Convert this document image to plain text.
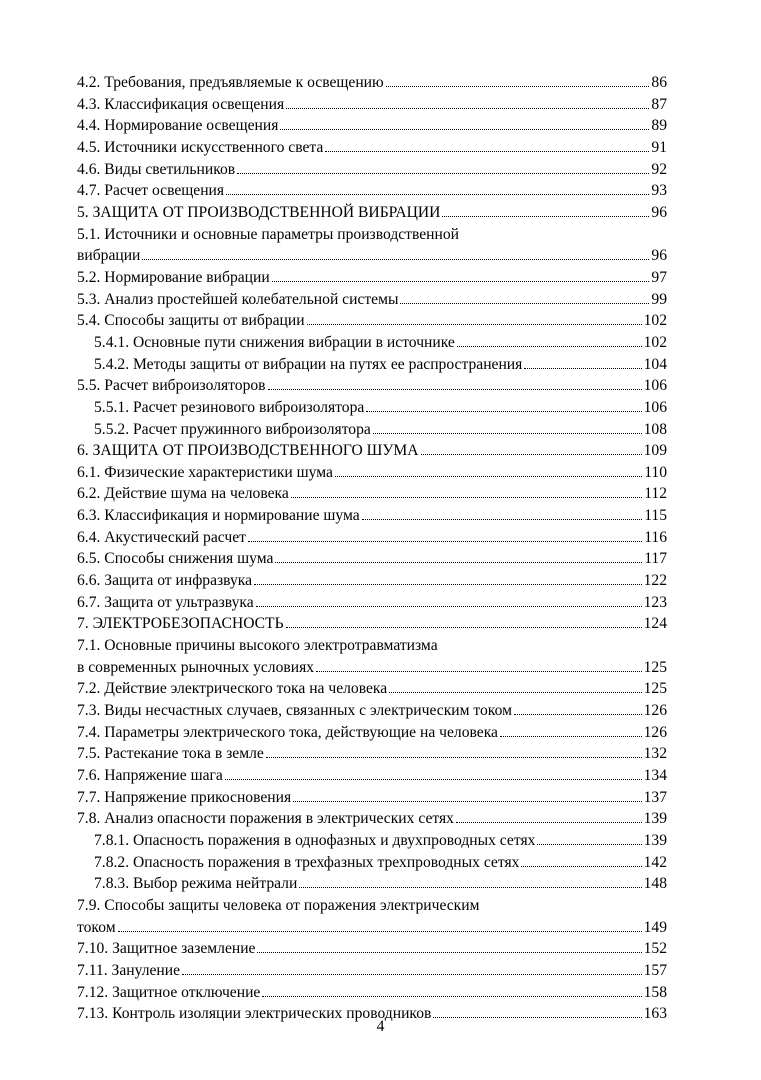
4.2. Требования, предъявляемые к освещению	86
4.3. Классификация освещения	87
4.4. Нормирование освещения	89
4.5. Источники искусственного света	91
4.6. Виды светильников	92
4.7. Расчет освещения	93
5. ЗАЩИТА ОТ ПРОИЗВОДСТВЕННОЙ ВИБРАЦИИ	96
5.1. Источники и основные параметры производственной
вибрации	96
5.2. Нормирование вибрации	97
5.3. Анализ простейшей колебательной системы	99
5.4. Способы защиты от вибрации	102
5.4.1. Основные пути снижения вибрации в источнике	102
5.4.2. Методы защиты от вибрации на путях ее распространения	104
5.5. Расчет виброизоляторов	106
5.5.1. Расчет резинового виброизолятора	106
5.5.2. Расчет пружинного виброизолятора	108
6. ЗАЩИТА ОТ ПРОИЗВОДСТВЕННОГО ШУМА	109
6.1. Физические характеристики шума	110
6.2. Действие шума на человека	112
6.3. Классификация и нормирование шума	115
6.4. Акустический расчет	116
6.5. Способы снижения шума	117
6.6. Защита от инфразвука	122
6.7. Защита от ультразвука	123
7. ЭЛЕКТРОБЕЗОПАСНОСТЬ	124
7.1. Основные причины высокого электротравматизма
в современных рыночных условиях	125
7.2. Действие электрического тока на человека	125
7.3. Виды несчастных случаев, связанных с электрическим током	126
7.4. Параметры электрического тока, действующие на человека	126
7.5. Растекание тока в земле	132
7.6. Напряжение шага	134
7.7. Напряжение прикосновения	137
7.8. Анализ опасности поражения в электрических сетях	139
7.8.1. Опасность поражения в однофазных и двухпроводных сетях	139
7.8.2. Опасность поражения в трехфазных трехпроводных сетях	142
7.8.3. Выбор режима нейтрали	148
7.9. Способы защиты человека от поражения электрическим
током	149
7.10. Защитное заземление	152
7.11. Зануление	157
7.12. Защитное отключение	158
7.13. Контроль изоляции электрических проводников	163
4
